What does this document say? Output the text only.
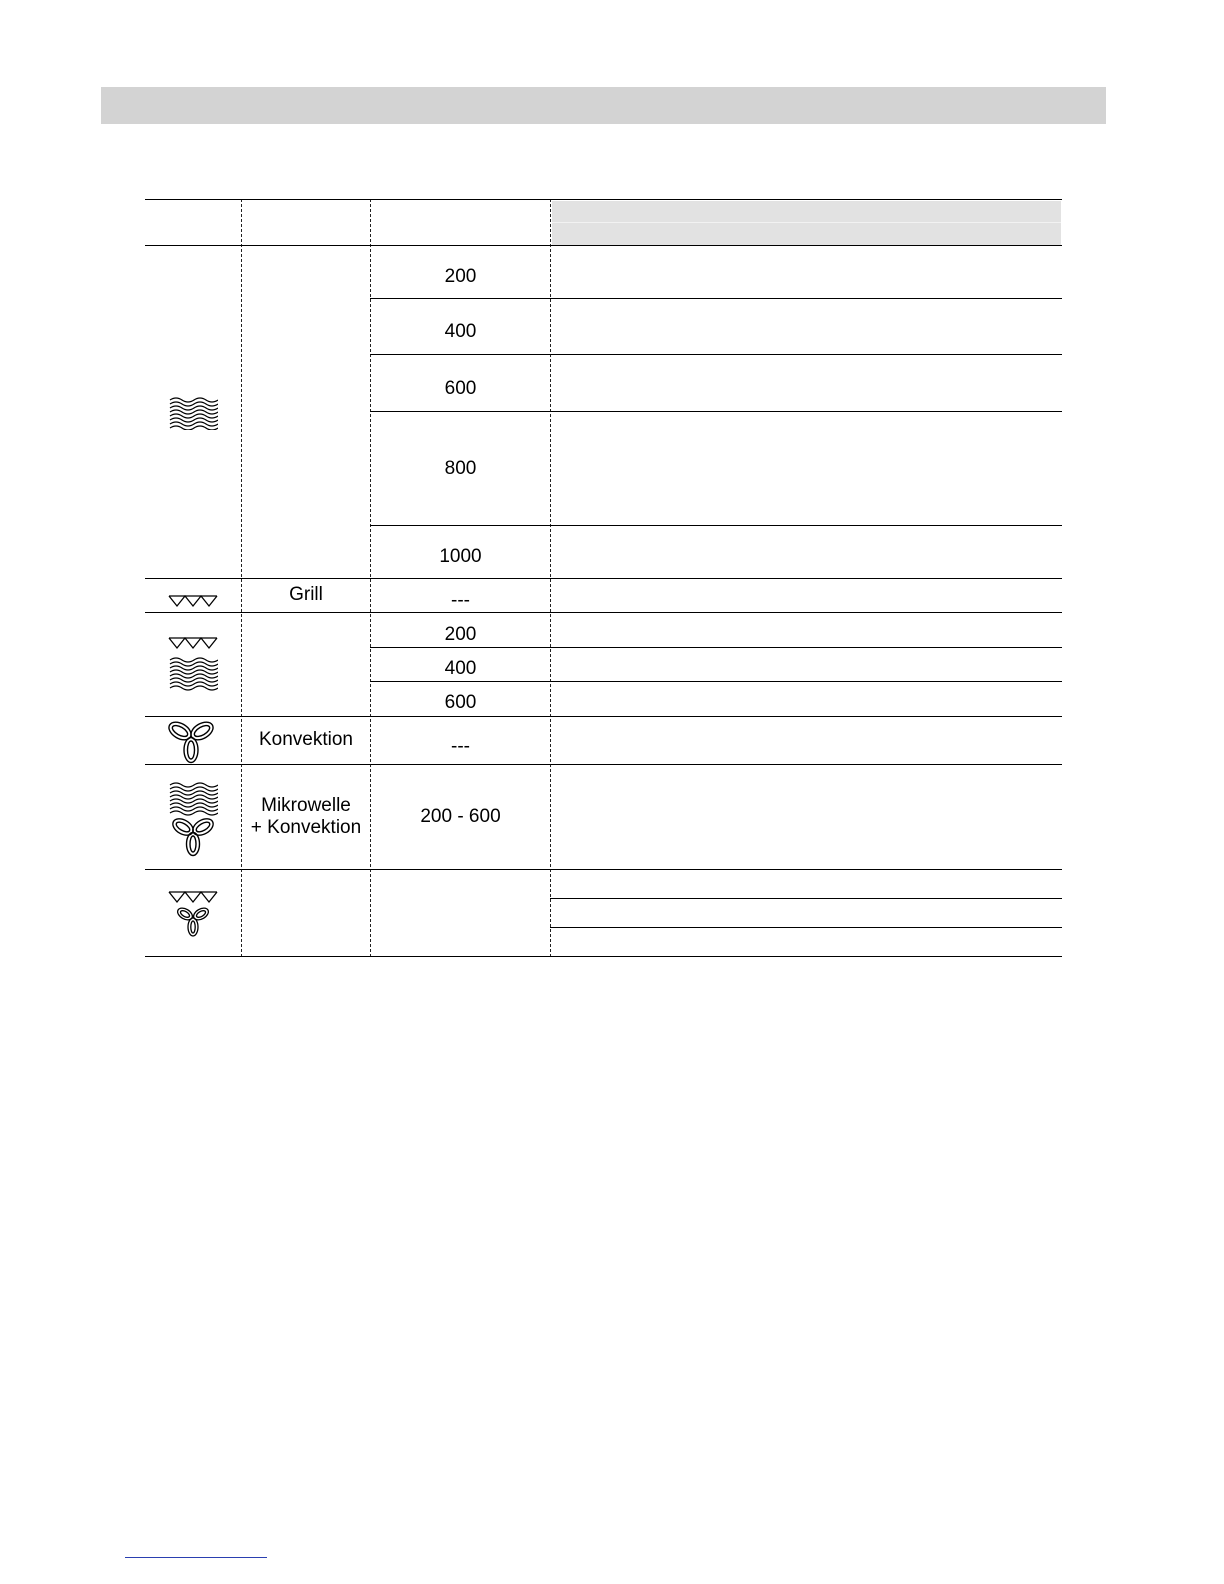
200
400
600
800
1000
Grill	---
200
400
600
Konvektion	---
Mikrowelle
+ Konvektion
200 - 600
